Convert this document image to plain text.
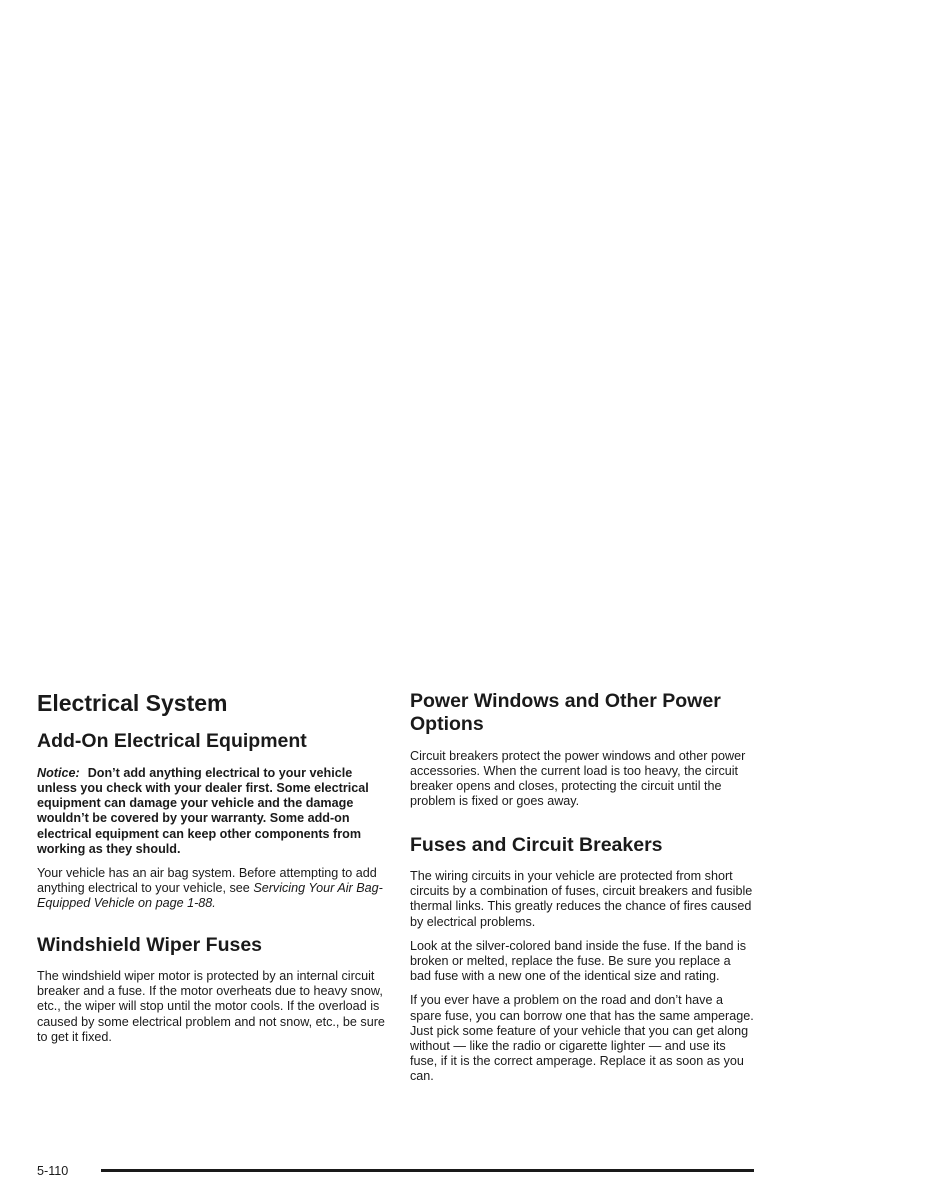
Electrical System
Add-On Electrical Equipment

Notice: Don’t add anything electrical to your vehicle unless you check with your dealer first. Some electrical equipment can damage your vehicle and the damage wouldn’t be covered by your warranty. Some add-on electrical equipment can keep other components from working as they should.

Your vehicle has an air bag system. Before attempting to add anything electrical to your vehicle, see Servicing Your Air Bag-Equipped Vehicle on page 1-88.

Windshield Wiper Fuses

The windshield wiper motor is protected by an internal circuit breaker and a fuse. If the motor overheats due to heavy snow, etc., the wiper will stop until the motor cools. If the overload is caused by some electrical problem and not snow, etc., be sure to get it fixed.

Power Windows and Other Power Options

Circuit breakers protect the power windows and other power accessories. When the current load is too heavy, the circuit breaker opens and closes, protecting the circuit until the problem is fixed or goes away.

Fuses and Circuit Breakers

The wiring circuits in your vehicle are protected from short circuits by a combination of fuses, circuit breakers and fusible thermal links. This greatly reduces the chance of fires caused by electrical problems.

Look at the silver-colored band inside the fuse. If the band is broken or melted, replace the fuse. Be sure you replace a bad fuse with a new one of the identical size and rating.

If you ever have a problem on the road and don’t have a spare fuse, you can borrow one that has the same amperage. Just pick some feature of your vehicle that you can get along without — like the radio or cigarette lighter — and use its fuse, if it is the correct amperage. Replace it as soon as you can.

5-110
